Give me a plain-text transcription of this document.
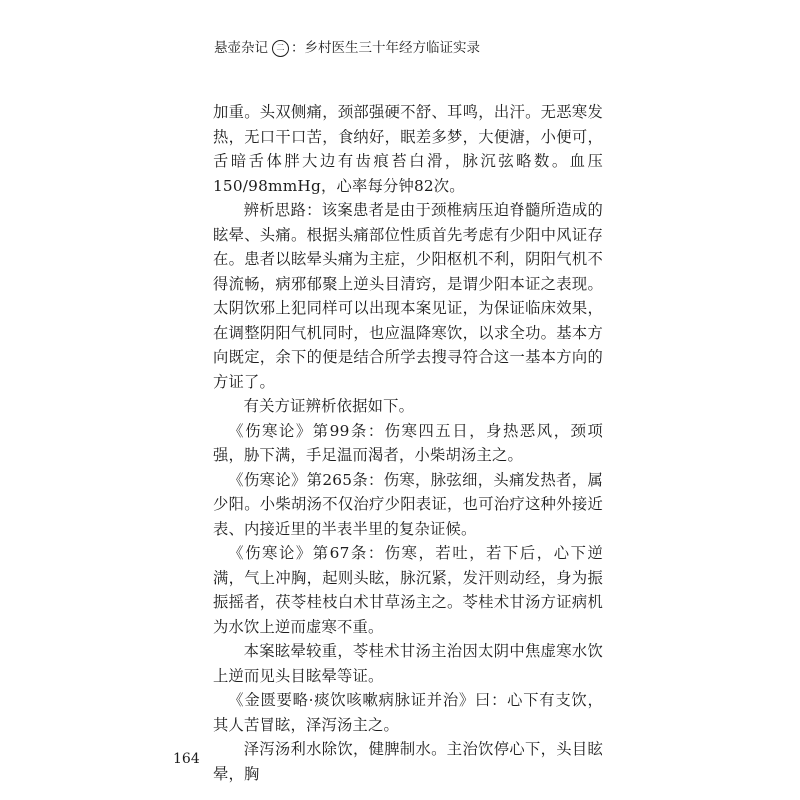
悬壶杂记	二 ： 乡村医生三十年经方临证实录

加重。头双侧痛，颈部强硬不舒、耳鸣，出汗。无恶寒发热，无口干口苦，食纳好，眠差多梦，大便溏，小便可，舌暗舌体胖大边有齿痕苔白滑，脉沉弦略数。血压150/98mmHg，心率每分钟82次。

辨析思路：该案患者是由于颈椎病压迫脊髓所造成的眩晕、头痛。根据头痛部位性质首先考虑有少阳中风证存在。患者以眩晕头痛为主症，少阳枢机不利，阴阳气机不得流畅，病邪郁聚上逆头目清窍，是谓少阳本证之表现。太阴饮邪上犯同样可以出现本案见证，为保证临床效果，在调整阴阳气机同时，也应温降寒饮，以求全功。基本方向既定，余下的便是结合所学去搜寻符合这一基本方向的方证了。

有关方证辨析依据如下。

《伤寒论》第99条：伤寒四五日，身热恶风，颈项强，胁下满，手足温而渴者，小柴胡汤主之。

《伤寒论》第265条：伤寒，脉弦细，头痛发热者，属少阳。小柴胡汤不仅治疗少阳表证，也可治疗这种外接近表、内接近里的半表半里的复杂证候。

《伤寒论》第67条：伤寒，若吐，若下后，心下逆满，气上冲胸，起则头眩，脉沉紧，发汗则动经，身为振振摇者，茯苓桂枝白术甘草汤主之。苓桂术甘汤方证病机为水饮上逆而虚寒不重。

本案眩晕较重，苓桂术甘汤主治因太阴中焦虚寒水饮上逆而见头目眩晕等证。

《金匮要略·痰饮咳嗽病脉证并治》曰：心下有支饮，其人苦冒眩，泽泻汤主之。

泽泻汤利水除饮，健脾制水。主治饮停心下，头目眩晕，胸

164
